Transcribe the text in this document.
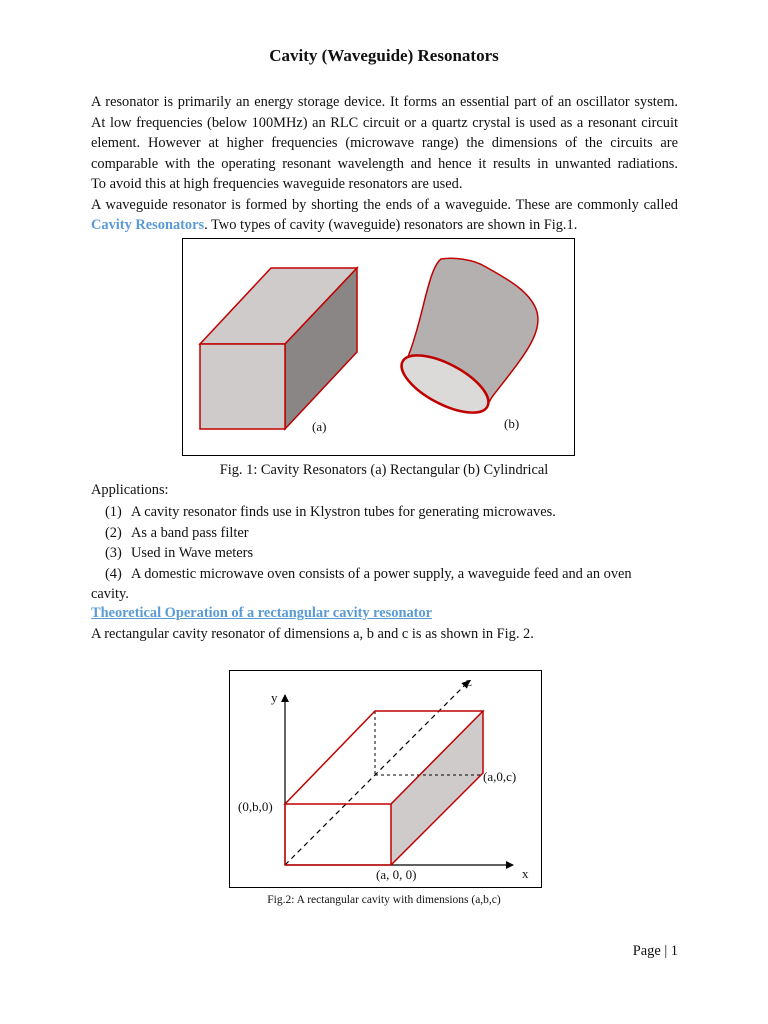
Cavity (Waveguide) Resonators
A resonator is primarily an energy storage device. It forms an essential part of an oscillator system.
At low frequencies (below 100MHz) an RLC circuit or a quartz crystal is used as a resonant circuit
element. However at higher frequencies (microwave range) the dimensions of the circuits are
comparable with the operating resonant wavelength and hence it results in unwanted radiations.
To avoid this at high frequencies waveguide resonators are used.
A waveguide resonator is formed by shorting the ends of a waveguide. These are commonly called
Cavity Resonators. Two types of cavity (waveguide) resonators are shown in Fig.1.
(a)	(b)
Fig. 1: Cavity Resonators (a) Rectangular (b) Cylindrical
Applications:
(1) A cavity resonator finds use in Klystron tubes for generating microwaves.
(2) As a band pass filter
(3) Used in Wave meters
(4) A domestic microwave oven consists of a power supply, a waveguide feed and an oven
cavity.
Theoretical Operation of a rectangular cavity resonator
A rectangular cavity resonator of dimensions a, b and c is as shown in Fig. 2.
y
z
x
(0,b,0)
(a,0,c)
(a, 0, 0)
Fig.2: A rectangular cavity with dimensions (a,b,c)
Page | 1
